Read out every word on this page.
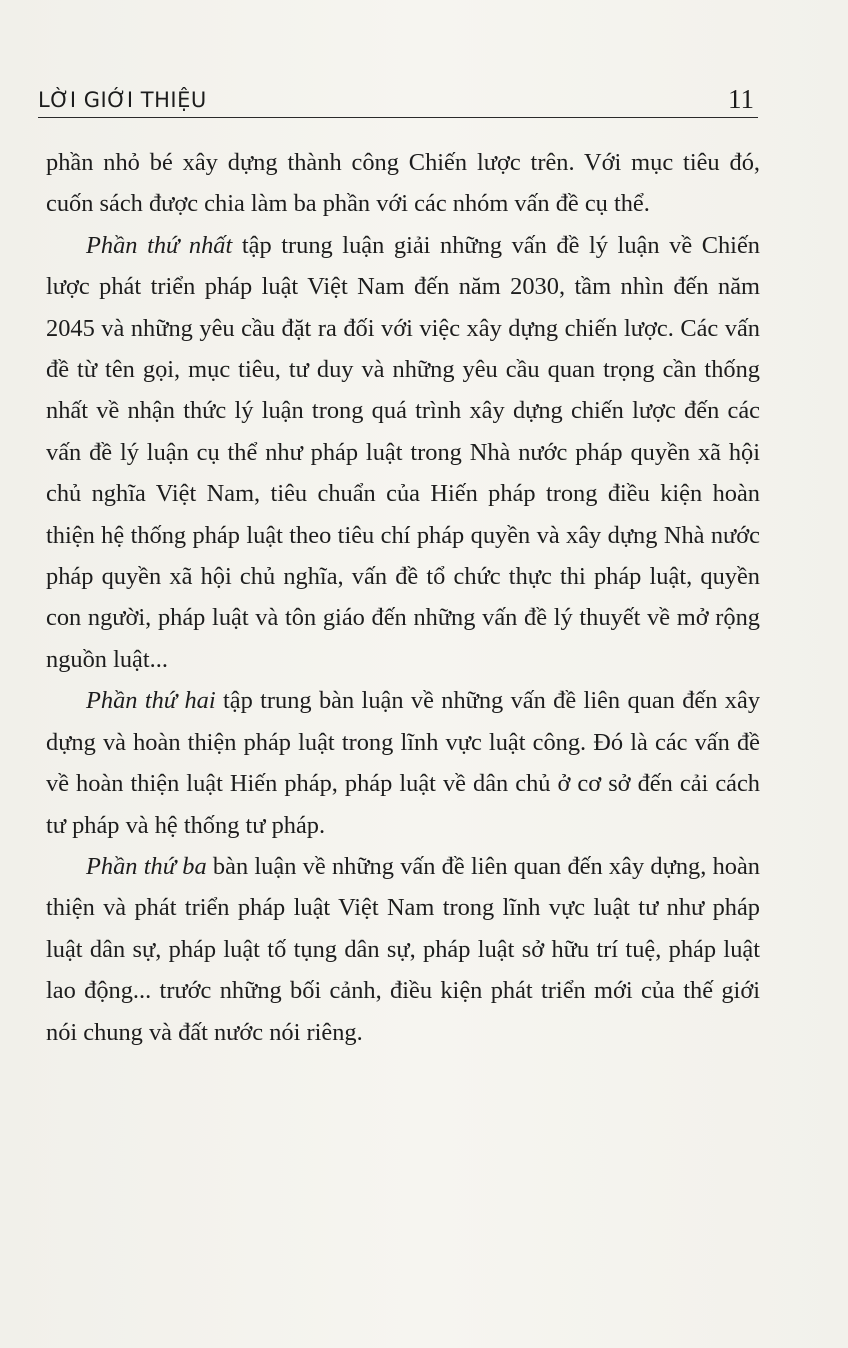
LỜI GIỚI THIỆU	11

phần nhỏ bé xây dựng thành công Chiến lược trên. Với mục tiêu đó, cuốn sách được chia làm ba phần với các nhóm vấn đề cụ thể.

Phần thứ nhất tập trung luận giải những vấn đề lý luận về Chiến lược phát triển pháp luật Việt Nam đến năm 2030, tầm nhìn đến năm 2045 và những yêu cầu đặt ra đối với việc xây dựng chiến lược. Các vấn đề từ tên gọi, mục tiêu, tư duy và những yêu cầu quan trọng cần thống nhất về nhận thức lý luận trong quá trình xây dựng chiến lược đến các vấn đề lý luận cụ thể như pháp luật trong Nhà nước pháp quyền xã hội chủ nghĩa Việt Nam, tiêu chuẩn của Hiến pháp trong điều kiện hoàn thiện hệ thống pháp luật theo tiêu chí pháp quyền và xây dựng Nhà nước pháp quyền xã hội chủ nghĩa, vấn đề tổ chức thực thi pháp luật, quyền con người, pháp luật và tôn giáo đến những vấn đề lý thuyết về mở rộng nguồn luật...

Phần thứ hai tập trung bàn luận về những vấn đề liên quan đến xây dựng và hoàn thiện pháp luật trong lĩnh vực luật công. Đó là các vấn đề về hoàn thiện luật Hiến pháp, pháp luật về dân chủ ở cơ sở đến cải cách tư pháp và hệ thống tư pháp.

Phần thứ ba bàn luận về những vấn đề liên quan đến xây dựng, hoàn thiện và phát triển pháp luật Việt Nam trong lĩnh vực luật tư như pháp luật dân sự, pháp luật tố tụng dân sự, pháp luật sở hữu trí tuệ, pháp luật lao động... trước những bối cảnh, điều kiện phát triển mới của thế giới nói chung và đất nước nói riêng.
